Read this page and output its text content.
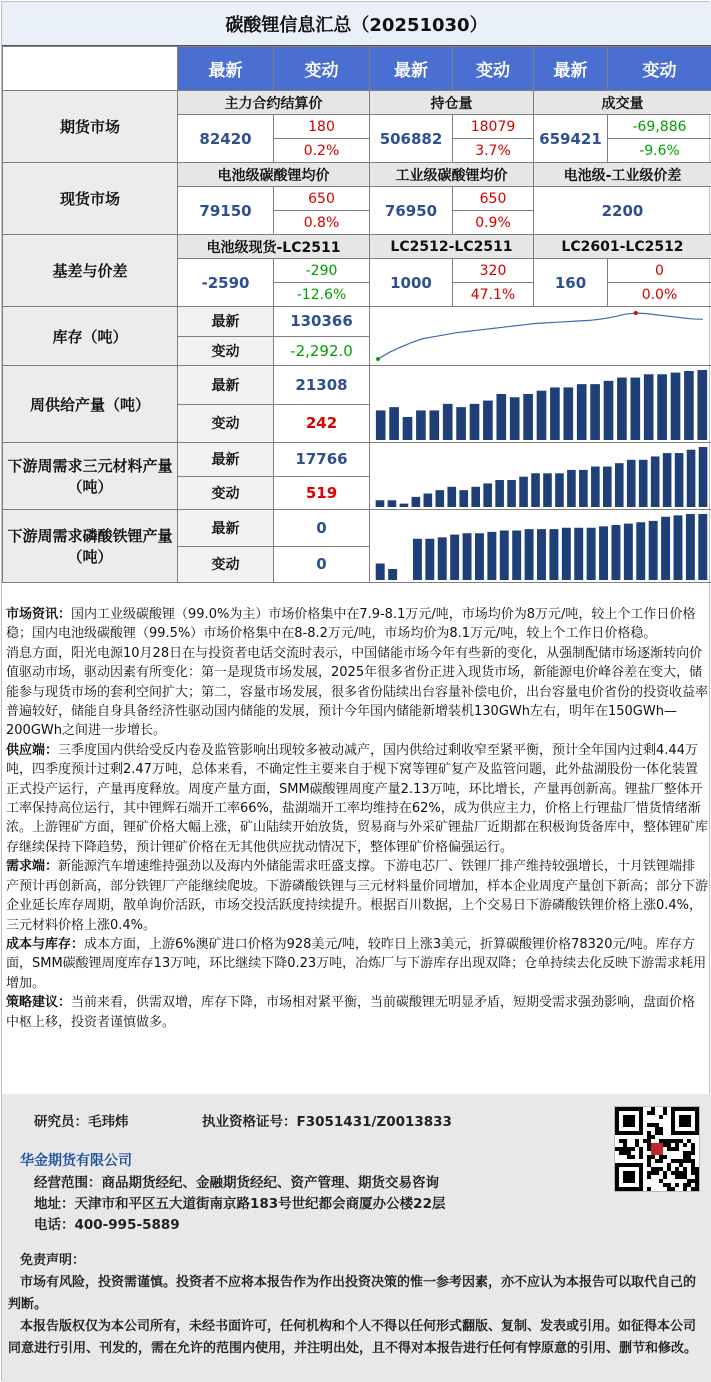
碳酸锂信息汇总（20251030）
	最新	变动	最新	变动	最新	变动
期货市场	主力合约结算价		持仓量		成交量	
	82420	180	506882	18079	659421	-69,886
		0.2%		3.7%		-9.6%
现货市场	电池级碳酸锂均价		工业级碳酸锂均价		电池级-工业级价差	
	79150	650	76950	650	2200	
		0.8%		0.9%		
基差与价差	电池级现货-LC2511		LC2512-LC2511		LC2601-LC2512	
	-2590	-290	1000	320	160	0
		-12.6%		47.1%		0.0%
库存（吨）	最新	130366	

	变动	-2,292.0				
周供给产量（吨）	最新	21308	

	变动	242				
下游周需求三元材料产量（吨）	最新	17766	

	变动	519				
下游周需求磷酸铁锂产量（吨）	最新	0	

	变动	0				

市场资讯：国内工业级碳酸锂（99.0%为主）市场价格集中在7.9-8.1万元/吨，市场均价为8万元/吨，较上个工作日价格稳；国内电池级碳酸锂（99.5%）市场价格集中在8-8.2万元/吨，市场均价为8.1万元/吨，较上个工作日价格稳。

消息方面，阳光电源10月28日在与投资者电话交流时表示，中国储能市场今年有些新的变化，从强制配储市场逐渐转向价值驱动市场，驱动因素有所变化：第一是现货市场发展，2025年很多省份正进入现货市场，新能源电价峰谷差在变大，储能参与现货市场的套利空间扩大；第二，容量市场发展，很多省份陆续出台容量补偿电价，出台容量电价省份的投资收益率普遍较好，储能自身具备经济性驱动国内储能的发展，预计今年国内储能新增装机130GWh左右，明年在150GWh—200GWh之间进一步增长。

供应端：三季度国内供给受反内卷及监管影响出现较多被动减产，国内供给过剩收窄至紧平衡，预计全年国内过剩4.44万吨，四季度预计过剩2.47万吨，总体来看，不确定性主要来自于枧下窝等锂矿复产及监管问题，此外盐湖股份一体化装置正式投产运行，产量再度释放。周度产量方面，SMM碳酸锂周度产量2.13万吨，环比增长，产量再创新高。锂盐厂整体开工率保持高位运行，其中锂辉石端开工率66%，盐湖端开工率均维持在62%，成为供应主力，价格上行锂盐厂惜货情绪渐浓。上游锂矿方面，锂矿价格大幅上涨，矿山陆续开始放货，贸易商与外采矿锂盐厂近期都在积极询货备库中，整体锂矿库存继续保持下降趋势，预计锂矿价格在无其他供应扰动情况下，整体锂矿价格偏强运行。

需求端：新能源汽车增速维持强劲以及海内外储能需求旺盛支撑。下游电芯厂、铁锂厂排产维持较强增长，十月铁锂端排产预计再创新高，部分铁锂厂产能继续爬坡。下游磷酸铁锂与三元材料量价同增加，样本企业周度产量创下新高；部分下游企业延长库存周期，散单询价活跃，市场交投活跃度持续提升。根据百川数据，上个交易日下游磷酸铁锂价格上涨0.4%，三元材料价格上涨0.4%。

成本与库存：成本方面，上游6%澳矿进口价格为928美元/吨，较昨日上涨3美元，折算碳酸锂价格78320元/吨。库存方面，SMM碳酸锂周度库存13万吨，环比继续下降0.23万吨，冶炼厂与下游库存出现双降；仓单持续去化反映下游需求耗用增加。

策略建议：当前来看，供需双增，库存下降，市场相对紧平衡，当前碳酸锂无明显矛盾，短期受需求强劲影响，盘面价格中枢上移，投资者谨慎做多。

研究员：毛玮炜	执业资格证号：F3051431/Z0013833
华金期货有限公司
经营范围：商品期货经纪、金融期货经纪、资产管理、期货交易咨询
地址：天津市和平区五大道街南京路183号世纪都会商厦办公楼22层
电话：400-995-5889
免责声明：
市场有风险，投资需谨慎。投资者不应将本报告作为作出投资决策的惟一参考因素，亦不应认为本报告可以取代自己的判断。
本报告版权仅为本公司所有，未经书面许可，任何机构和个人不得以任何形式翻版、复制、发表或引用。如征得本公司同意进行引用、刊发的，需在允许的范围内使用，并注明出处，且不得对本报告进行任何有悖原意的引用、删节和修改。
